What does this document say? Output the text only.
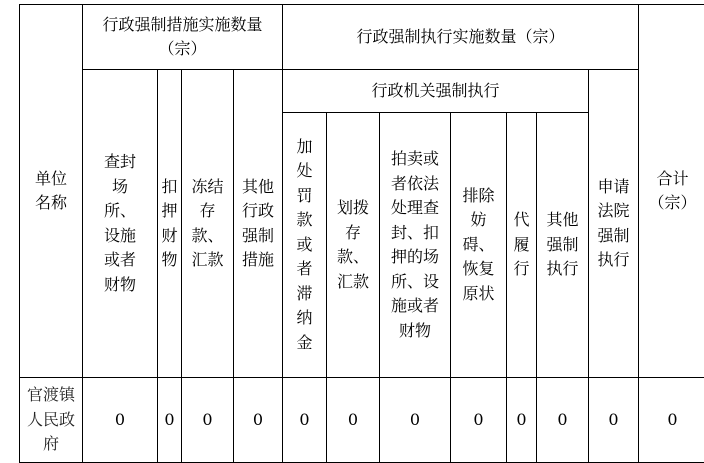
单位名称	行政强制措施实施数量（宗）				行政强制执行实施数量（宗）							合计（宗）
	查封场所、设施或者财物	扣押财物	冻结存款、汇款	其他行政强制措施	行政机关强制执行						申请法院强制执行	
					加处罚款或者滞纳金	划拨存款、汇款	拍卖或者依法处理查封、扣押的场所、设施或者财物	排除妨碍、恢复原状	代履行	其他强制执行		
官渡镇人民政府	0	0	0	0	0	0	0	0	0	0	0	0
